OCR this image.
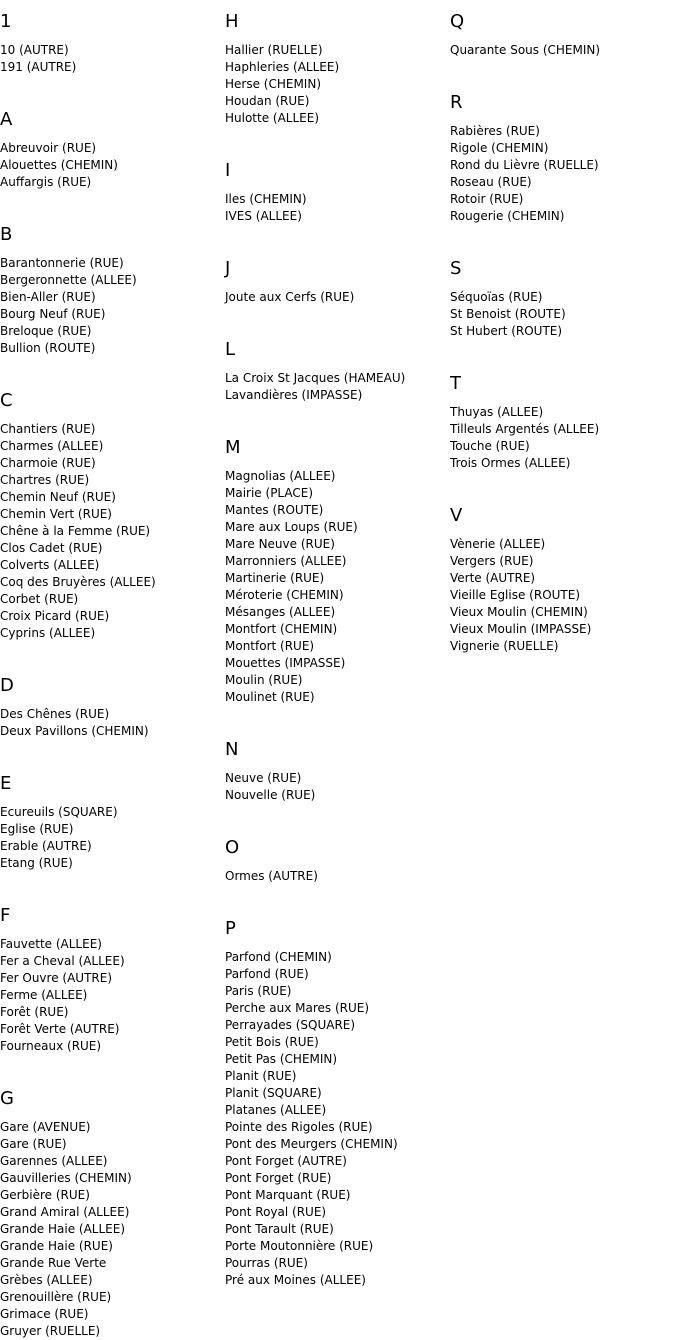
1
10 (AUTRE)
191 (AUTRE)
A
Abreuvoir (RUE)
Alouettes (CHEMIN)
Auffargis (RUE)
B
Barantonnerie (RUE)
Bergeronnette (ALLEE)
Bien-Aller (RUE)
Bourg Neuf (RUE)
Breloque (RUE)
Bullion (ROUTE)
C
Chantiers (RUE)
Charmes (ALLEE)
Charmoie (RUE)
Chartres (RUE)
Chemin Neuf (RUE)
Chemin Vert (RUE)
Chêne à la Femme (RUE)
Clos Cadet (RUE)
Colverts (ALLEE)
Coq des Bruyères (ALLEE)
Corbet (RUE)
Croix Picard (RUE)
Cyprins (ALLEE)
D
Des Chênes (RUE)
Deux Pavillons (CHEMIN)
E
Ecureuils (SQUARE)
Eglise (RUE)
Erable (AUTRE)
Etang (RUE)
F
Fauvette (ALLEE)
Fer a Cheval (ALLEE)
Fer Ouvre (AUTRE)
Ferme (ALLEE)
Forêt (RUE)
Forêt Verte (AUTRE)
Fourneaux (RUE)
G
Gare (AVENUE)
Gare (RUE)
Garennes (ALLEE)
Gauvilleries (CHEMIN)
Gerbière (RUE)
Grand Amiral (ALLEE)
Grande Haie (ALLEE)
Grande Haie (RUE)
Grande Rue Verte
Grèbes (ALLEE)
Grenouillère (RUE)
Grimace (RUE)
Gruyer (RUELLE)
H
Hallier (RUELLE)
Haphleries (ALLEE)
Herse (CHEMIN)
Houdan (RUE)
Hulotte (ALLEE)
I
Iles (CHEMIN)
IVES (ALLEE)
J
Joute aux Cerfs (RUE)
L
La Croix St Jacques (HAMEAU)
Lavandières (IMPASSE)
M
Magnolias (ALLEE)
Mairie (PLACE)
Mantes (ROUTE)
Mare aux Loups (RUE)
Mare Neuve (RUE)
Marronniers (ALLEE)
Martinerie (RUE)
Méroterie (CHEMIN)
Mésanges (ALLEE)
Montfort (CHEMIN)
Montfort (RUE)
Mouettes (IMPASSE)
Moulin (RUE)
Moulinet (RUE)
N
Neuve (RUE)
Nouvelle (RUE)
O
Ormes (AUTRE)
P
Parfond (CHEMIN)
Parfond (RUE)
Paris (RUE)
Perche aux Mares (RUE)
Perrayades (SQUARE)
Petit Bois (RUE)
Petit Pas (CHEMIN)
Planit (RUE)
Planit (SQUARE)
Platanes (ALLEE)
Pointe des Rigoles (RUE)
Pont des Meurgers (CHEMIN)
Pont Forget (AUTRE)
Pont Forget (RUE)
Pont Marquant (RUE)
Pont Royal (RUE)
Pont Tarault (RUE)
Porte Moutonnière (RUE)
Pourras (RUE)
Pré aux Moines (ALLEE)
Q
Quarante Sous (CHEMIN)
R
Rabières (RUE)
Rigole (CHEMIN)
Rond du Lièvre (RUELLE)
Roseau (RUE)
Rotoir (RUE)
Rougerie (CHEMIN)
S
Séquoïas (RUE)
St Benoist (ROUTE)
St Hubert (ROUTE)
T
Thuyas (ALLEE)
Tilleuls Argentés (ALLEE)
Touche (RUE)
Trois Ormes (ALLEE)
V
Vènerie (ALLEE)
Vergers (RUE)
Verte (AUTRE)
Vieille Eglise (ROUTE)
Vieux Moulin (CHEMIN)
Vieux Moulin (IMPASSE)
Vignerie (RUELLE)
